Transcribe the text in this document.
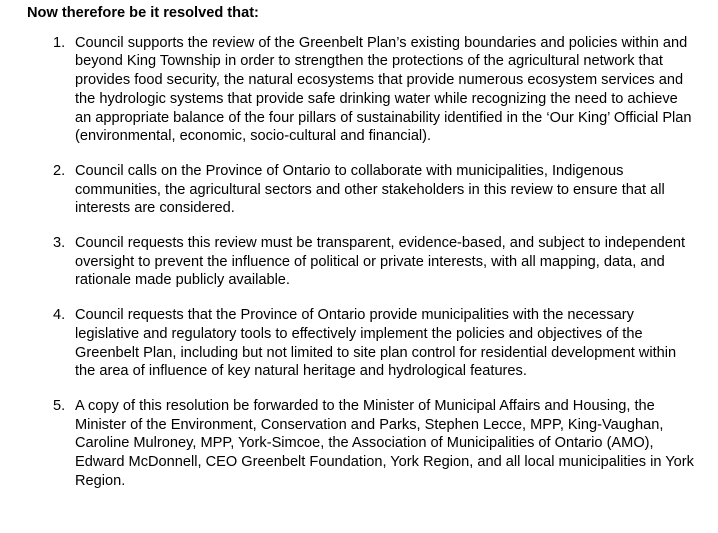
Now therefore be it resolved that:

1. Council supports the review of the Greenbelt Plan’s existing boundaries and policies within and beyond King Township in order to strengthen the protections of the agricultural network that provides food security, the natural ecosystems that provide numerous ecosystem services and the hydrologic systems that provide safe drinking water while recognizing the need to achieve an appropriate balance of the four pillars of sustainability identified in the ‘Our King’ Official Plan (environmental, economic, socio-cultural and financial).
2. Council calls on the Province of Ontario to collaborate with municipalities, Indigenous communities, the agricultural sectors and other stakeholders in this review to ensure that all interests are considered.
3. Council requests this review must be transparent, evidence-based, and subject to independent oversight to prevent the influence of political or private interests, with all mapping, data, and rationale made publicly available.
4. Council requests that the Province of Ontario provide municipalities with the necessary legislative and regulatory tools to effectively implement the policies and objectives of the Greenbelt Plan, including but not limited to site plan control for residential development within the area of influence of key natural heritage and hydrological features.
5. A copy of this resolution be forwarded to the Minister of Municipal Affairs and Housing, the Minister of the Environment, Conservation and Parks, Stephen Lecce, MPP, King-Vaughan, Caroline Mulroney, MPP, York-Simcoe, the Association of Municipalities of Ontario (AMO), Edward McDonnell, CEO Greenbelt Foundation, York Region, and all local municipalities in York Region.
